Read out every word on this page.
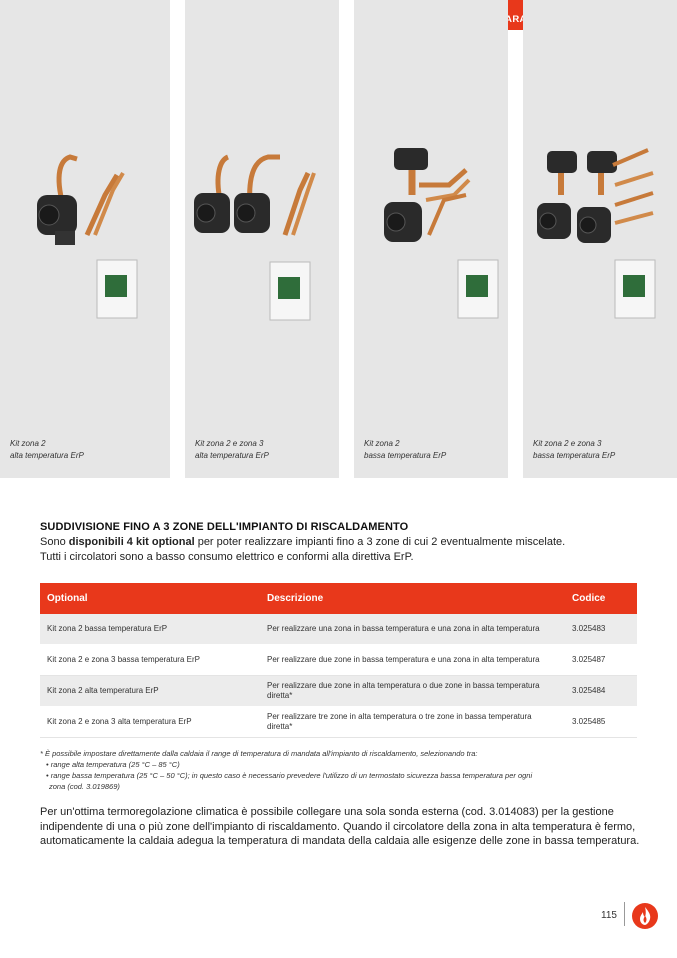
Kit zona 2
alta temperatura ErP
Kit zona 2 e zona 3
alta temperatura ErP
Kit zona 2
bassa temperatura ErP
Kit zona 2 e zona 3
bassa temperatura ErP
SUDDIVISIONE FINO A 3 ZONE DELL'IMPIANTO DI RISCALDAMENTO
Sono disponibili 4 kit optional per poter realizzare impianti fino a 3 zone di cui 2 eventualmente miscelate.
Tutti i circolatori sono a basso consumo elettrico e conformi alla direttiva ErP.
Optional	Descrizione	Codice
Kit zona 2 bassa temperatura ErP	Per realizzare una zona in bassa temperatura e una zona in alta temperatura	3.025483
Kit zona 2 e zona 3 bassa temperatura ErP	Per realizzare due zone in bassa temperatura e una zona in alta temperatura	3.025487
Kit zona 2 alta temperatura ErP	Per realizzare due zone in alta temperatura o due zone in bassa temperatura diretta*	3.025484
Kit zona 2 e zona 3 alta temperatura ErP	Per realizzare tre zone in alta temperatura o tre zone in bassa temperatura diretta*	3.025485
* È possibile impostare direttamente dalla caldaia il range di temperatura di mandata all'impianto di riscaldamento, selezionando tra:
• range alta temperatura (25 °C – 85 °C)
• range bassa temperatura (25 °C – 50 °C); in questo caso è necessario prevedere l'utilizzo di un termostato sicurezza bassa temperatura per ogni
zona (cod. 3.019869)
Per un'ottima termoregolazione climatica è possibile collegare una sola sonda esterna (cod. 3.014083) per la gestione indipendente di una o più zone dell'impianto di riscaldamento. Quando il circolatore della zona in alta temperatura è fermo, automaticamente la caldaia adegua la temperatura di mandata della caldaia alle esigenze delle zone in bassa temperatura.
115
